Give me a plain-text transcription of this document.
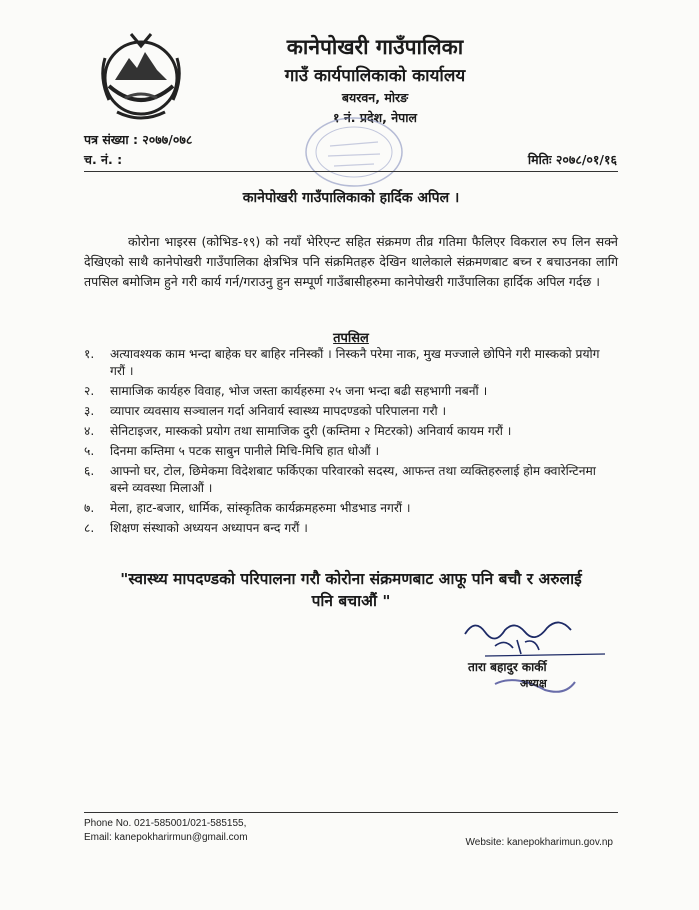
कानेपोखरी गाउँपालिका
गाउँ कार्यपालिकाको कार्यालय
बयरवन, मोरङ
१ नं. प्रदेश, नेपाल
पत्र संख्या : २०७७/०७८
च. नं. :	मितिः २०७८/०१/१६
कानेपोखरी गाउँपालिकाको हार्दिक अपिल ।
कोरोना भाइरस (कोभिड-१९) को नयाँ भेरिएन्ट सहित संक्रमण तीव्र गतिमा फैलिएर विकराल रुप लिन सक्ने देखिएको साथै कानेपोखरी गाउँपालिका क्षेत्रभित्र पनि संक्रमितहरु देखिन थालेकाले संक्रमणबाट बच्न र बचाउनका लागि तपसिल बमोजिम हुने गरी कार्य गर्न/गराउनु हुन सम्पूर्ण गाउँबासीहरुमा कानेपोखरी गाउँपालिका हार्दिक अपिल गर्दछ ।
तपसिल
१.	अत्यावश्यक काम भन्दा बाहेक घर बाहिर ननिस्कौं । निस्कनै परेमा नाक, मुख मज्जाले छोपिने गरी मास्कको प्रयोग गरौं ।
२.	सामाजिक कार्यहरु विवाह, भोज जस्ता कार्यहरुमा २५ जना भन्दा बढी सहभागी नबनौं ।
३.	व्यापार व्यवसाय सञ्चालन गर्दा अनिवार्य स्वास्थ्य मापदण्डको परिपालना गरौ ।
४.	सेनिटाइजर, मास्कको प्रयोग तथा सामाजिक दुरी (कम्तिमा २ मिटरको) अनिवार्य कायम गरौं ।
५.	दिनमा कम्तिमा ५ पटक साबुन पानीले मिचि-मिचि हात धोऔं ।
६.	आफ्नो घर, टोल, छिमेकमा विदेशबाट फर्किएका परिवारको सदस्य, आफन्त तथा व्यक्तिहरुलाई होम क्वारेन्टिनमा बस्ने व्यवस्था मिलाऔं ।
७.	मेला, हाट-बजार, धार्मिक, सांस्कृतिक कार्यक्रमहरुमा भीडभाड नगरौं ।
८.	शिक्षण संस्थाको अध्ययन अध्यापन बन्द गरौं ।
"स्वास्थ्य मापदण्डको परिपालना गरौ कोरोना संक्रमणबाट आफू पनि बचौ र अरुलाई
पनि बचाऔं "
तारा बहादुर कार्की
अध्यक्ष
Phone No. 021-585001/021-585155,
Email: kanepokharirmun@gmail.com	Website: kanepokharimun.gov.np
